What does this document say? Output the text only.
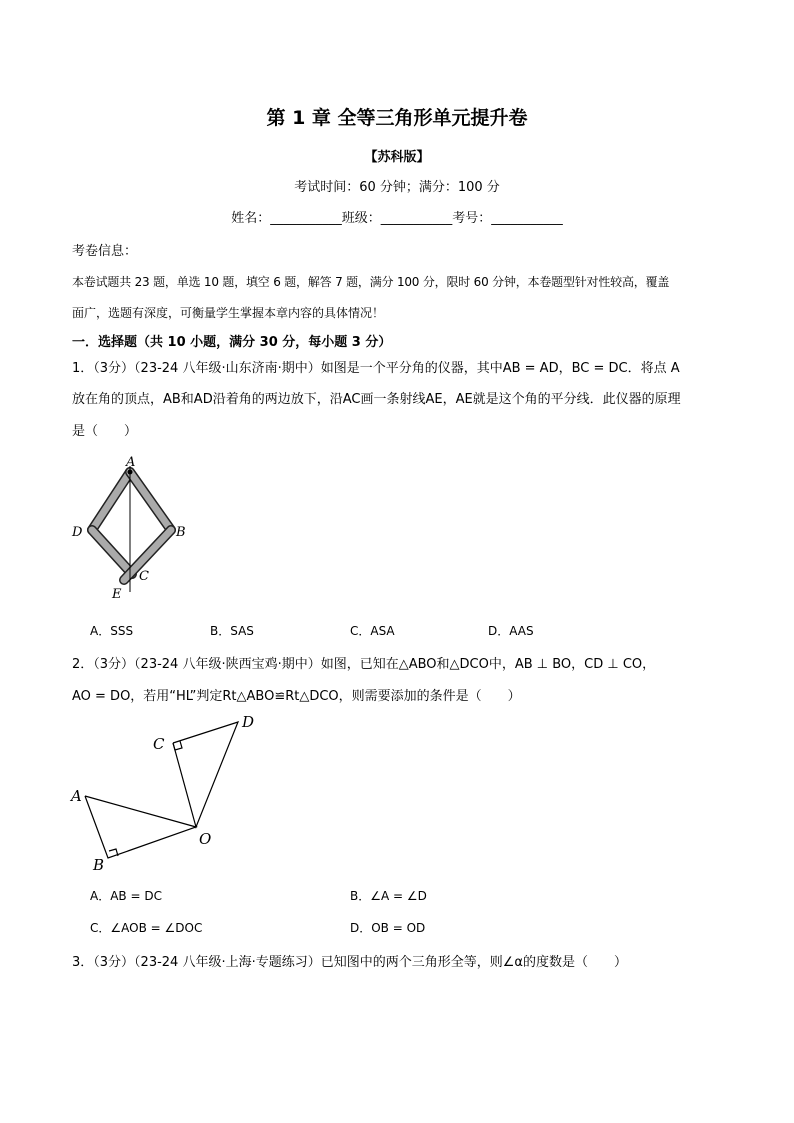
第 1 章 全等三角形单元提升卷
【苏科版】
考试时间：60 分钟；满分：100 分
姓名：___________班级：___________考号：___________
考卷信息：
本卷试题共 23 题，单选 10 题，填空 6 题，解答 7 题，满分 100 分，限时 60 分钟，本卷题型针对性较高，覆盖
面广，选题有深度，可衡量学生掌握本章内容的具体情况！
一．选择题（共 10 小题，满分 30 分，每小题 3 分）
1．（3分）（23-24 八年级·山东济南·期中）如图是一个平分角的仪器，其中AB = AD，BC = DC．将点 A
放在角的顶点，AB和AD沿着角的两边放下，沿AC画一条射线AE，AE就是这个角的平分线．此仪器的原理
是（　　）
A
B
C
D
E
A．SSS	B．SAS	C．ASA	D．AAS
2．（3分）（23-24 八年级·陕西宝鸡·期中）如图，已知在△ABO和△DCO中，AB ⊥ BO，CD ⊥ CO，
AO = DO，若用“HL”判定Rt△ABO≌Rt△DCO，则需要添加的条件是（　　）
A
B
C
D
O
A．AB = DC	B．∠A = ∠D
C．∠AOB = ∠DOC	D．OB = OD
3．（3分）（23-24 八年级·上海·专题练习）已知图中的两个三角形全等，则∠α的度数是（　　）
